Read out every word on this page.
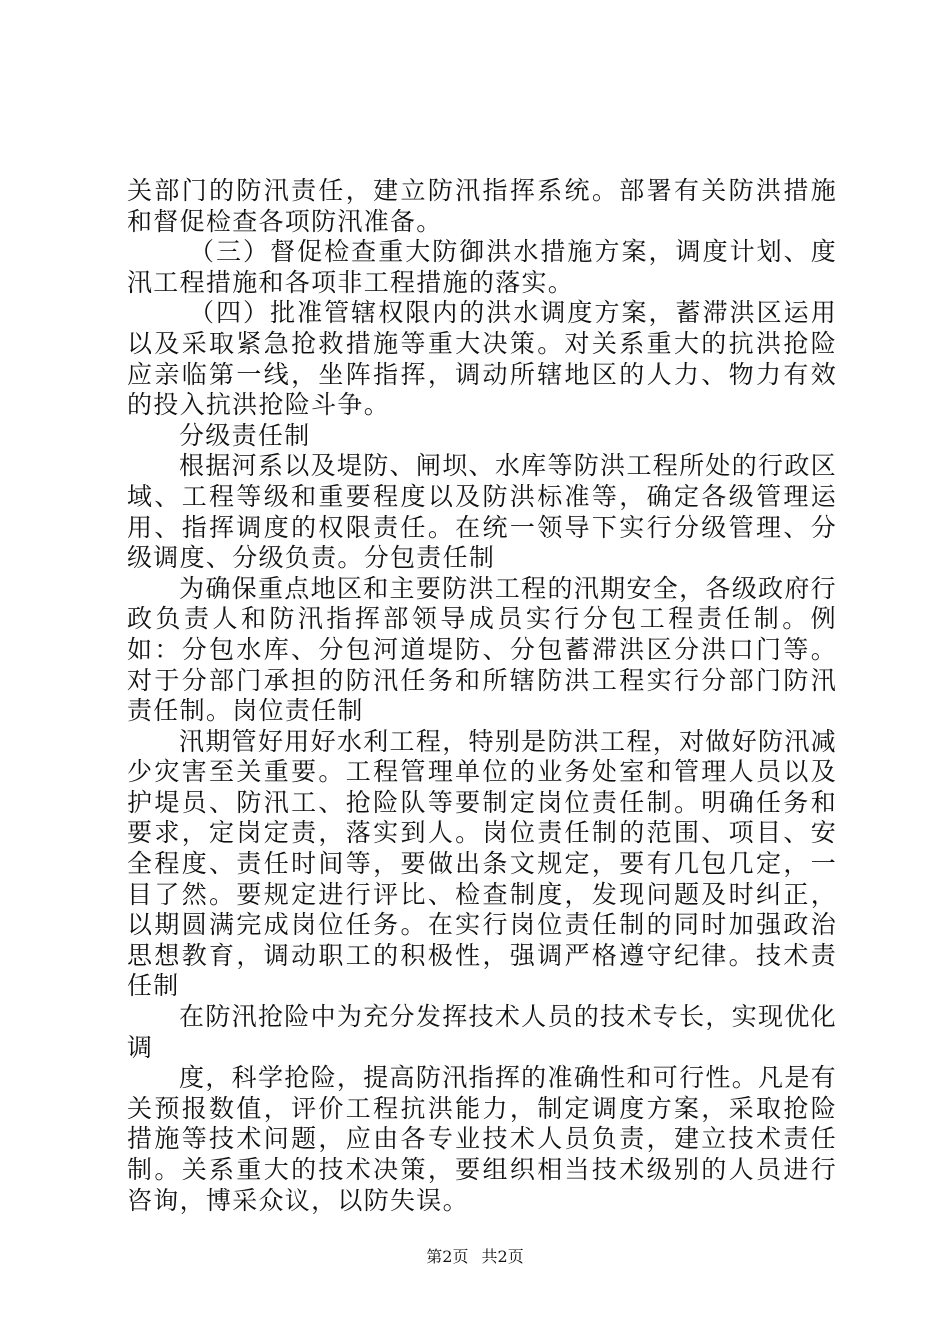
关部门的防汛责任，建立防汛指挥系统。部署有关防洪措施和督促检查各项防汛准备。

（三）督促检查重大防御洪水措施方案，调度计划、度汛工程措施和各项非工程措施的落实。

（四）批准管辖权限内的洪水调度方案，蓄滞洪区运用以及采取紧急抢救措施等重大决策。对关系重大的抗洪抢险应亲临第一线，坐阵指挥，调动所辖地区的人力、物力有效的投入抗洪抢险斗争。

分级责任制

根据河系以及堤防、闸坝、水库等防洪工程所处的行政区域、工程等级和重要程度以及防洪标准等，确定各级管理运用、指挥调度的权限责任。在统一领导下实行分级管理、分级调度、分级负责。分包责任制

为确保重点地区和主要防洪工程的汛期安全，各级政府行政负责人和防汛指挥部领导成员实行分包工程责任制。例如：分包水库、分包河道堤防、分包蓄滞洪区分洪口门等。对于分部门承担的防汛任务和所辖防洪工程实行分部门防汛责任制。岗位责任制

汛期管好用好水利工程，特别是防洪工程，对做好防汛减少灾害至关重要。工程管理单位的业务处室和管理人员以及护堤员、防汛工、抢险队等要制定岗位责任制。明确任务和要求，定岗定责，落实到人。岗位责任制的范围、项目、安全程度、责任时间等，要做出条文规定，要有几包几定，一目了然。要规定进行评比、检查制度，发现问题及时纠正，以期圆满完成岗位任务。在实行岗位责任制的同时加强政治思想教育，调动职工的积极性，强调严格遵守纪律。技术责任制

在防汛抢险中为充分发挥技术人员的技术专长，实现优化调

度，科学抢险，提高防汛指挥的准确性和可行性。凡是有关预报数值，评价工程抗洪能力，制定调度方案，采取抢险措施等技术问题，应由各专业技术人员负责，建立技术责任制。关系重大的技术决策，要组织相当技术级别的人员进行咨询，博采众议，以防失误。

第2页 共2页
